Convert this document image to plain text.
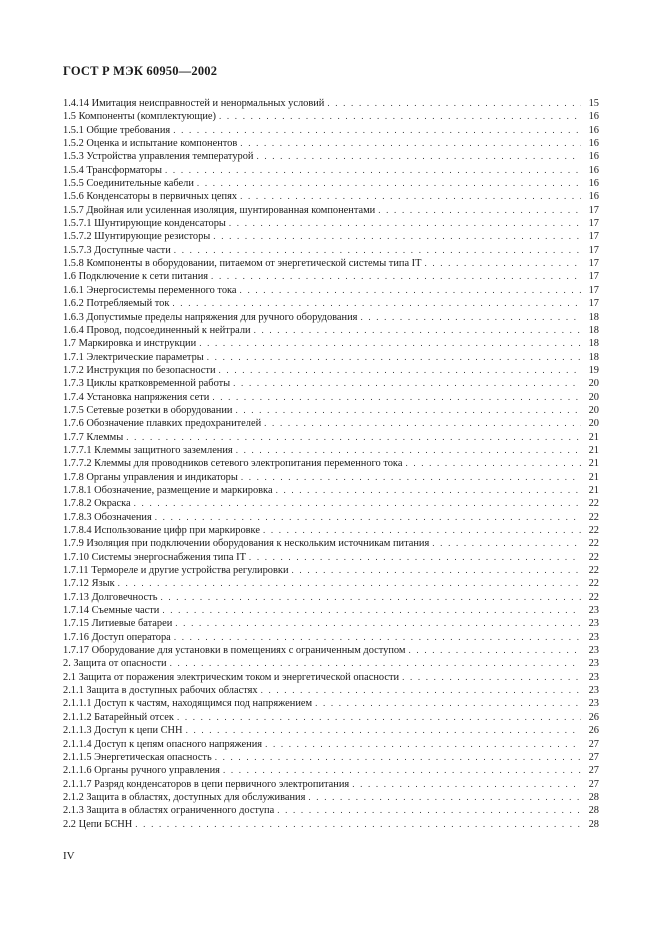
ГОСТ Р МЭК 60950—2002
1.4.14 Имитация неисправностей и ненормальных условий . . .	15
1.5 Компоненты (комплектующие) . . .	16
1.5.1 Общие требования . . .	16
1.5.2 Оценка и испытание компонентов . . .	16
1.5.3 Устройства управления температурой . . .	16
1.5.4 Трансформаторы . . .	16
1.5.5 Соединительные кабели . . .	16
1.5.6 Конденсаторы в первичных цепях . . .	16
1.5.7 Двойная или усиленная изоляция, шунтированная компонентами . . .	17
1.5.7.1 Шунтирующие конденсаторы . . .	17
1.5.7.2 Шунтирующие резисторы . . .	17
1.5.7.3 Доступные части . . .	17
1.5.8 Компоненты в оборудовании, питаемом от энергетической системы типа IT . . .	17
1.6 Подключение к сети питания . . .	17
1.6.1 Энергосистемы переменного тока . . .	17
1.6.2 Потребляемый ток . . .	17
1.6.3 Допустимые пределы напряжения для ручного оборудования . . .	18
1.6.4 Провод, подсоединенный к нейтрали . . .	18
1.7 Маркировка и инструкции . . .	18
1.7.1 Электрические параметры . . .	18
1.7.2 Инструкция по безопасности . . .	19
1.7.3 Циклы кратковременной работы . . .	20
1.7.4 Установка напряжения сети . . .	20
1.7.5 Сетевые розетки в оборудовании . . .	20
1.7.6 Обозначение плавких предохранителей . . .	20
1.7.7 Клеммы . . .	21
1.7.7.1 Клеммы защитного заземления . . .	21
1.7.7.2 Клеммы для проводников сетевого электропитания переменного тока . . .	21
1.7.8 Органы управления и индикаторы . . .	21
1.7.8.1 Обозначение, размещение и маркировка . . .	21
1.7.8.2 Окраска . . .	22
1.7.8.3 Обозначения . . .	22
1.7.8.4 Использование цифр при маркировке . . .	22
1.7.9 Изоляция при подключении оборудования к нескольким источникам питания . . .	22
1.7.10 Системы энергоснабжения типа IT . . .	22
1.7.11 Термореле и другие устройства регулировки . . .	22
1.7.12 Язык . . .	22
1.7.13 Долговечность . . .	22
1.7.14 Съемные части . . .	23
1.7.15 Литиевые батареи . . .	23
1.7.16 Доступ оператора . . .	23
1.7.17 Оборудование для установки в помещениях с ограниченным доступом . . .	23
2. Защита от опасности . . .	23
2.1 Защита от поражения электрическим током и энергетической опасности . . .	23
2.1.1 Защита в доступных рабочих областях . . .	23
2.1.1.1 Доступ к частям, находящимся под напряжением . . .	23
2.1.1.2 Батарейный отсек . . .	26
2.1.1.3 Доступ к цепи СНН . . .	26
2.1.1.4 Доступ к цепям опасного напряжения . . .	27
2.1.1.5 Энергетическая опасность . . .	27
2.1.1.6 Органы ручного управления . . .	27
2.1.1.7 Разряд конденсаторов в цепи первичного электропитания . . .	27
2.1.2 Защита в областях, доступных для обслуживания . . .	28
2.1.3 Защита в областях ограниченного доступа . . .	28
2.2 Цепи БСНН . . .	28
IV
